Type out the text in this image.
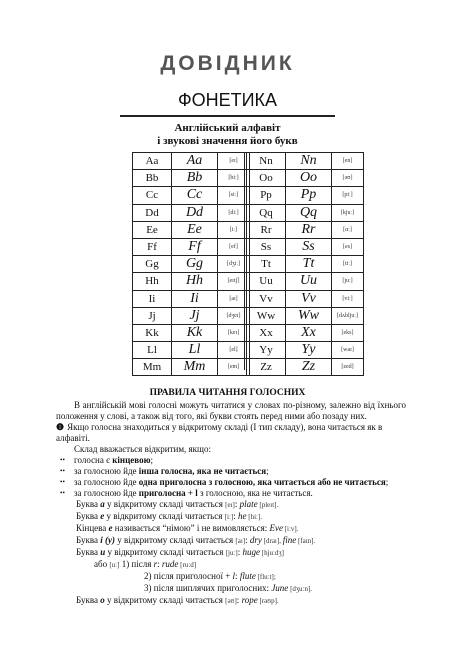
ДОВІДНИК
ФОНЕТИКА
Англійський алфавіт
і звукові значення його букв
Aa	Aa	[eɪ]
Bb	Bb	[biː]
Cc	Cc	[siː]
Dd	Dd	[diː]
Ee	Ee	[iː]
Ff	Ff	[ef]
Gg	Gg	[dʒiː]
Hh	Hh	[eɪtʃ]
Ii	Ii	[aɪ]
Jj	Jj	[dʒeɪ]
Kk	Kk	[keɪ]
Ll	Ll	[el]
Mm	Mm	[em]
Nn	Nn	[en]
Oo	Oo	[əʊ]
Pp	Pp	[piː]
Qq	Qq	[kjuː]
Rr	Rr	[ɑː]
Ss	Ss	[es]
Tt	Tt	[tiː]
Uu	Uu	[juː]
Vv	Vv	[viː]
Ww	Ww	[dʌbljuː]
Xx	Xx	[eks]
Yy	Yy	[waɪ]
Zz	Zz	[zed]
ПРАВИЛА ЧИТАННЯ ГОЛОСНИХ

В англійській мові голосні можуть читатися у словах по-різному, залежно від їхнього положення у слові, а також від того, які букви стоять перед ними або позаду них.

❶ Якщо голосна знаходиться у відкритому складі (І тип складу), вона читається як в алфавіті.

Склад вважається відкритим, якщо:

•• голосна є кінцевою;

•• за голосною йде інша голосна, яка не читається;

•• за голосною йде одна приголосна з голосною, яка читається або не читається;

•• за голосною йде приголосна + l з голосною, яка не читається.

Буква a у відкритому складі читається [eɪ]: plate [pleɪt].

Буква e у відкритому складі читається [iː]: he [hiː].

Кінцева e називається “німою” і не вимовляється: Eve [iːv].

Буква i (y) у відкритому складі читається [aɪ]: dry [draɪ], fine [faɪn].

Буква u у відкритому складі читається [juː]: huge [hjuːdʒ]

або [uː] 1) після r: rude [ruːd]

2) після приголосної + l: flute [fluːt];

3) після шиплячих приголосних: June [dʒuːn].

Буква o у відкритому складі читається [əʊ]: rope [rəʊp].
